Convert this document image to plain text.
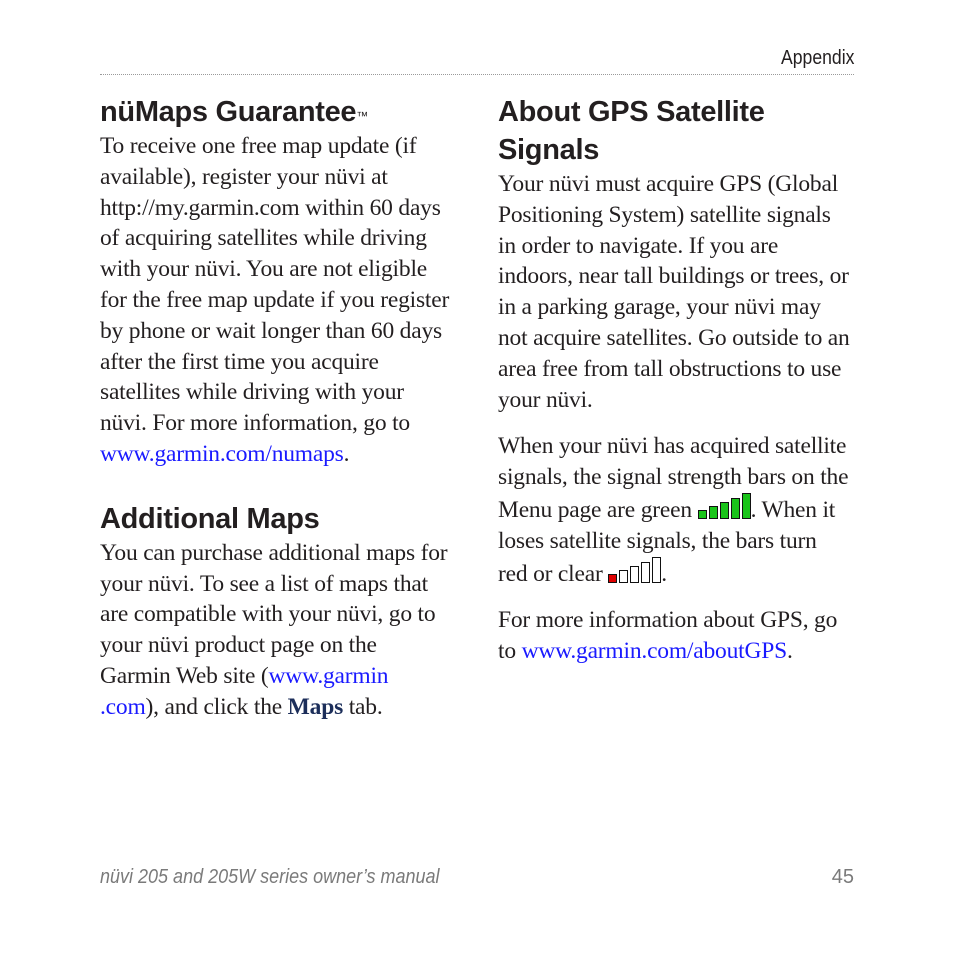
Appendix
nüMaps Guarantee™

To receive one free map update (if available), register your nüvi at http://my.garmin.com within 60 days of acquiring satellites while driving with your nüvi. You are not eligible for the free map update if you register by phone or wait longer than 60 days after the first time you acquire satellites while driving with your nüvi. For more information, go to www.garmin.com/numaps.

Additional Maps

You can purchase additional maps for your nüvi. To see a list of maps that are compatible with your nüvi, go to your nüvi product page on the Garmin Web site (www.garmin .com), and click the Maps tab.

About GPS Satellite Signals

Your nüvi must acquire GPS (Global Positioning System) satellite signals in order to navigate. If you are indoors, near tall buildings or trees, or in a parking garage, your nüvi may not acquire satellites. Go outside to an area free from tall obstructions to use your nüvi.

When your nüvi has acquired satellite signals, the signal strength bars on the Menu page are green
. When it loses satellite signals, the bars turn red or clear
.

For more information about GPS, go to www.garmin.com/aboutGPS.

nüvi 205 and 205W series owner’s manual	45
